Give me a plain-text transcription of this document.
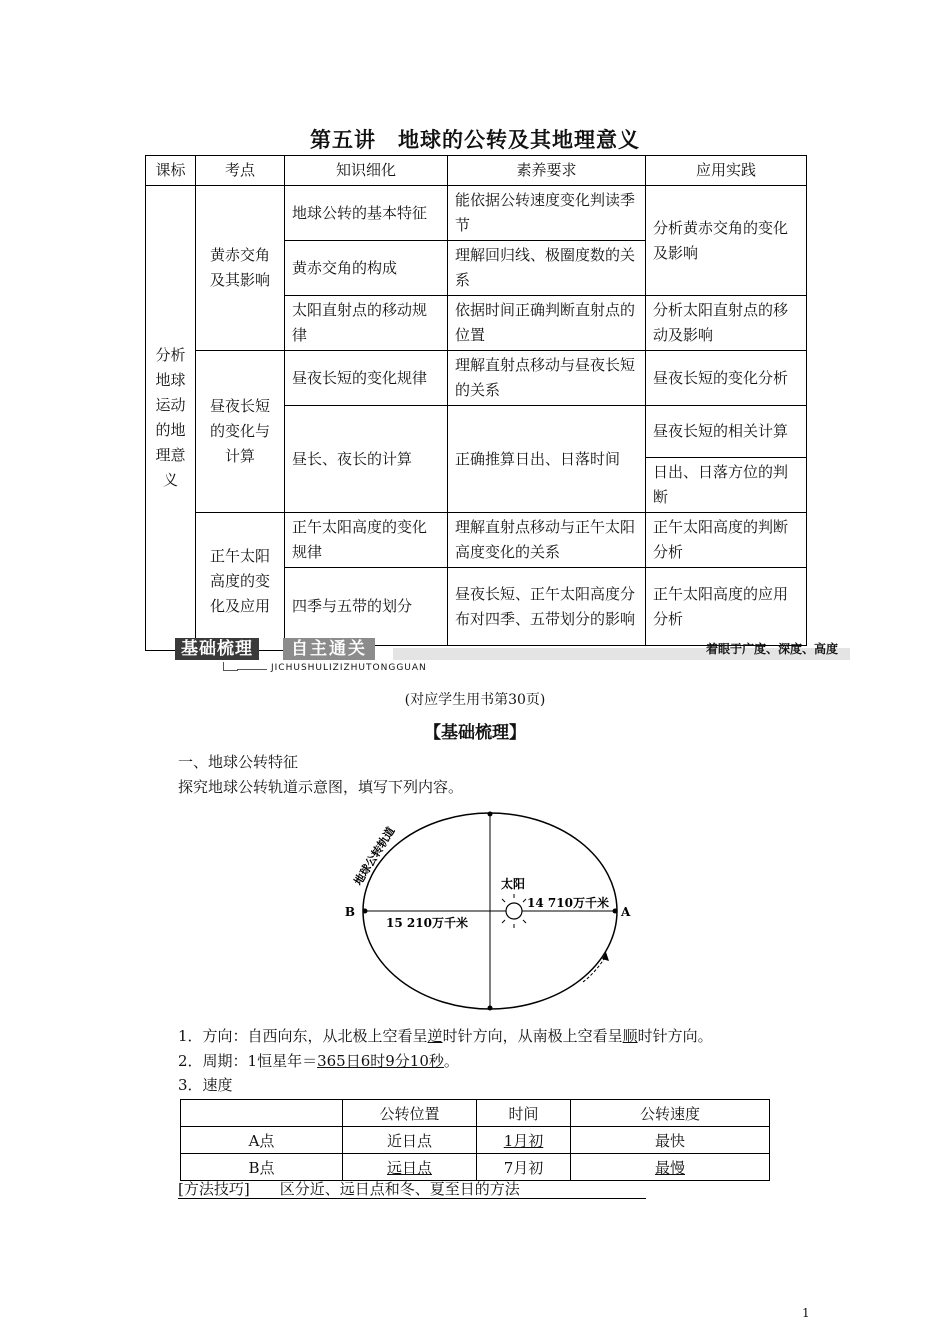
第五讲　地球的公转及其地理意义
课标	考点	知识细化	素养要求	应用实践
分析地球运动的地理意义	黄赤交角及其影响	地球公转的基本特征	能依据公转速度变化判读季节	分析黄赤交角的变化及影响
		黄赤交角的构成	理解回归线、极圈度数的关系	
		太阳直射点的移动规律	依据时间正确判断直射点的位置	分析太阳直射点的移动及影响
	昼夜长短的变化与计算	昼夜长短的变化规律	理解直射点移动与昼夜长短的关系	昼夜长短的变化分析
		昼长、夜长的计算	正确推算日出、日落时间	昼夜长短的相关计算
				日出、日落方位的判断
	正午太阳高度的变化及应用	正午太阳高度的变化规律	理解直射点移动与正午太阳高度变化的关系	正午太阳高度的判断分析
		四季与五带的划分	昼夜长短、正午太阳高度分布对四季、五带划分的影响	正午太阳高度的应用分析

基础梳理	自主通关	着眼于广度、深度、高度
JICHUSHULIZIZHUTONGGUAN
(对应学生用书第30页)
【基础梳理】
一、地球公转特征
探究地球公转轨道示意图，填写下列内容。
太阳
B	A
15 210万千米
14 710万千米
地球公转轨道
1．方向：自西向东，从北极上空看呈逆时针方向，从南极上空看呈顺时针方向。
2．周期：1恒星年＝365日6时9分10秒。
3．速度
	公转位置	时间	公转速度
A点	近日点	1月初	最快
B点	远日点	7月初	最慢
[方法技巧] 区分近、远日点和冬、夏至日的方法
1
